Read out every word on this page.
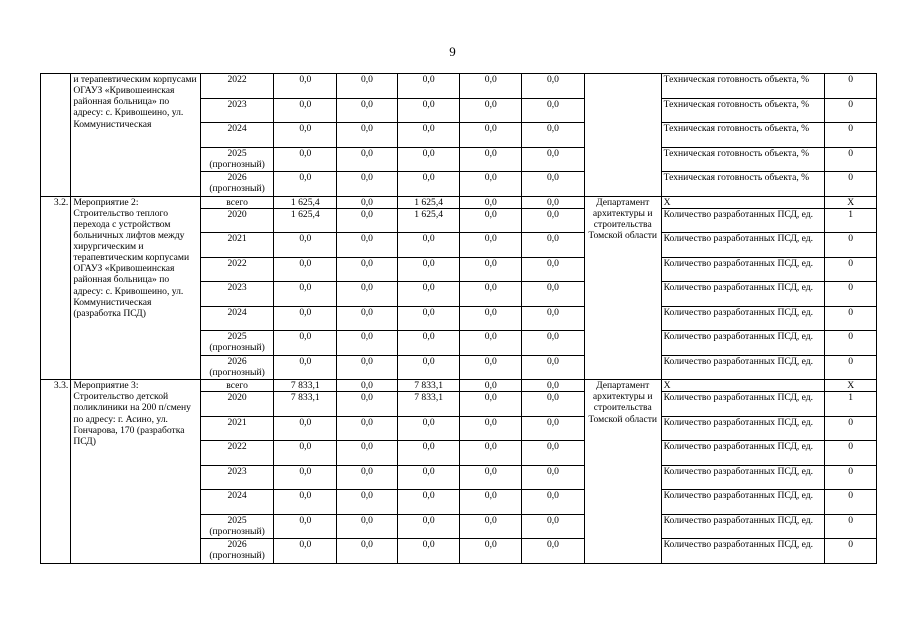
9
	и терапевтическим корпусами ОГАУЗ «Кривошеинская районная больница» по адресу: с. Кривошеино, ул. Коммунистическая	2022	0,0	0,0	0,0	0,0	0,0		Техническая готовность объекта, %	0
		2023	0,0	0,0	0,0	0,0	0,0		Техническая готовность объекта, %	0
		2024	0,0	0,0	0,0	0,0	0,0		Техническая готовность объекта, %	0
		2025 (прогнозный)	0,0	0,0	0,0	0,0	0,0		Техническая готовность объекта, %	0
		2026 (прогнозный)	0,0	0,0	0,0	0,0	0,0		Техническая готовность объекта, %	0
3.2.	Мероприятие 2: Строительство теплого перехода с устройством больничных лифтов между хирургическим и терапевтическим корпусами ОГАУЗ «Кривошеинская районная больница» по адресу: с. Кривошеино, ул. Коммунистическая (разработка ПСД)	всего	1 625,4	0,0	1 625,4	0,0	0,0	Департамент архитектуры и строительства Томской области	Х	Х
		2020	1 625,4	0,0	1 625,4	0,0	0,0		Количество разработанных ПСД, ед.	1
		2021	0,0	0,0	0,0	0,0	0,0		Количество разработанных ПСД, ед.	0
		2022	0,0	0,0	0,0	0,0	0,0		Количество разработанных ПСД, ед.	0
		2023	0,0	0,0	0,0	0,0	0,0		Количество разработанных ПСД, ед.	0
		2024	0,0	0,0	0,0	0,0	0,0		Количество разработанных ПСД, ед.	0
		2025 (прогнозный)	0,0	0,0	0,0	0,0	0,0		Количество разработанных ПСД, ед.	0
		2026 (прогнозный)	0,0	0,0	0,0	0,0	0,0		Количество разработанных ПСД, ед.	0
3.3.	Мероприятие 3: Строительство детской поликлиники на 200 п/смену по адресу: г. Асино, ул. Гончарова, 170 (разработка ПСД)	всего	7 833,1	0,0	7 833,1	0,0	0,0	Департамент архитектуры и строительства Томской области	Х	Х
		2020	7 833,1	0,0	7 833,1	0,0	0,0		Количество разработанных ПСД, ед.	1
		2021	0,0	0,0	0,0	0,0	0,0		Количество разработанных ПСД, ед.	0
		2022	0,0	0,0	0,0	0,0	0,0		Количество разработанных ПСД, ед.	0
		2023	0,0	0,0	0,0	0,0	0,0		Количество разработанных ПСД, ед.	0
		2024	0,0	0,0	0,0	0,0	0,0		Количество разработанных ПСД, ед.	0
		2025 (прогнозный)	0,0	0,0	0,0	0,0	0,0		Количество разработанных ПСД, ед.	0
		2026 (прогнозный)	0,0	0,0	0,0	0,0	0,0		Количество разработанных ПСД, ед.	0
